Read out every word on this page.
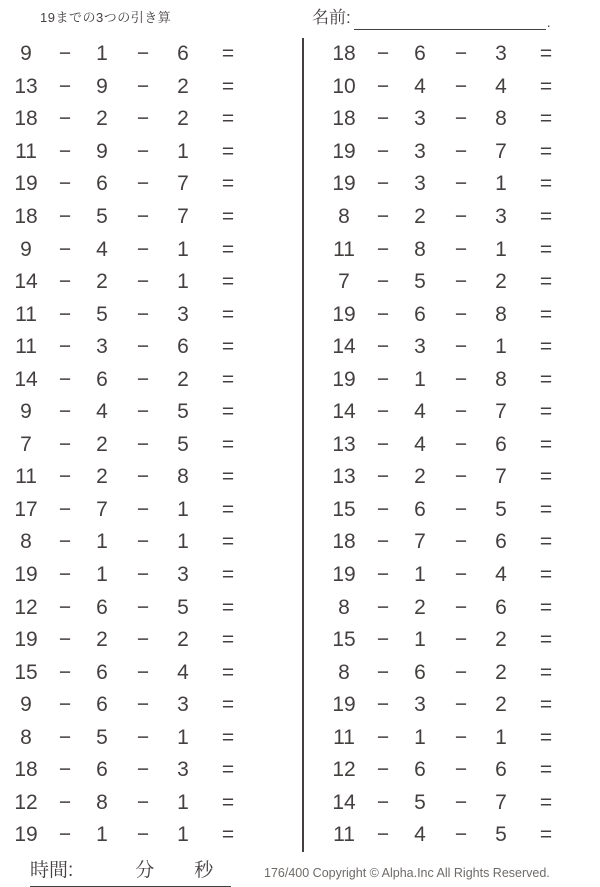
19までの3つの引き算	名前:	.
9	−	1	−	6	=
13	−	9	−	2	=
18	−	2	−	2	=
11	−	9	−	1	=
19	−	6	−	7	=
18	−	5	−	7	=
9	−	4	−	1	=
14	−	2	−	1	=
11	−	5	−	3	=
11	−	3	−	6	=
14	−	6	−	2	=
9	−	4	−	5	=
7	−	2	−	5	=
11	−	2	−	8	=
17	−	7	−	1	=
8	−	1	−	1	=
19	−	1	−	3	=
12	−	6	−	5	=
19	−	2	−	2	=
15	−	6	−	4	=
9	−	6	−	3	=
8	−	5	−	1	=
18	−	6	−	3	=
12	−	8	−	1	=
19	−	1	−	1	=
18	−	6	−	3	=
10	−	4	−	4	=
18	−	3	−	8	=
19	−	3	−	7	=
19	−	3	−	1	=
8	−	2	−	3	=
11	−	8	−	1	=
7	−	5	−	2	=
19	−	6	−	8	=
14	−	3	−	1	=
19	−	1	−	8	=
14	−	4	−	7	=
13	−	4	−	6	=
13	−	2	−	7	=
15	−	6	−	5	=
18	−	7	−	6	=
19	−	1	−	4	=
8	−	2	−	6	=
15	−	1	−	2	=
8	−	6	−	2	=
19	−	3	−	2	=
11	−	1	−	1	=
12	−	6	−	6	=
14	−	5	−	7	=
11	−	4	−	5	=
時間:	分 秒	176/400 Copyright © Alpha.Inc All Rights Reserved.
